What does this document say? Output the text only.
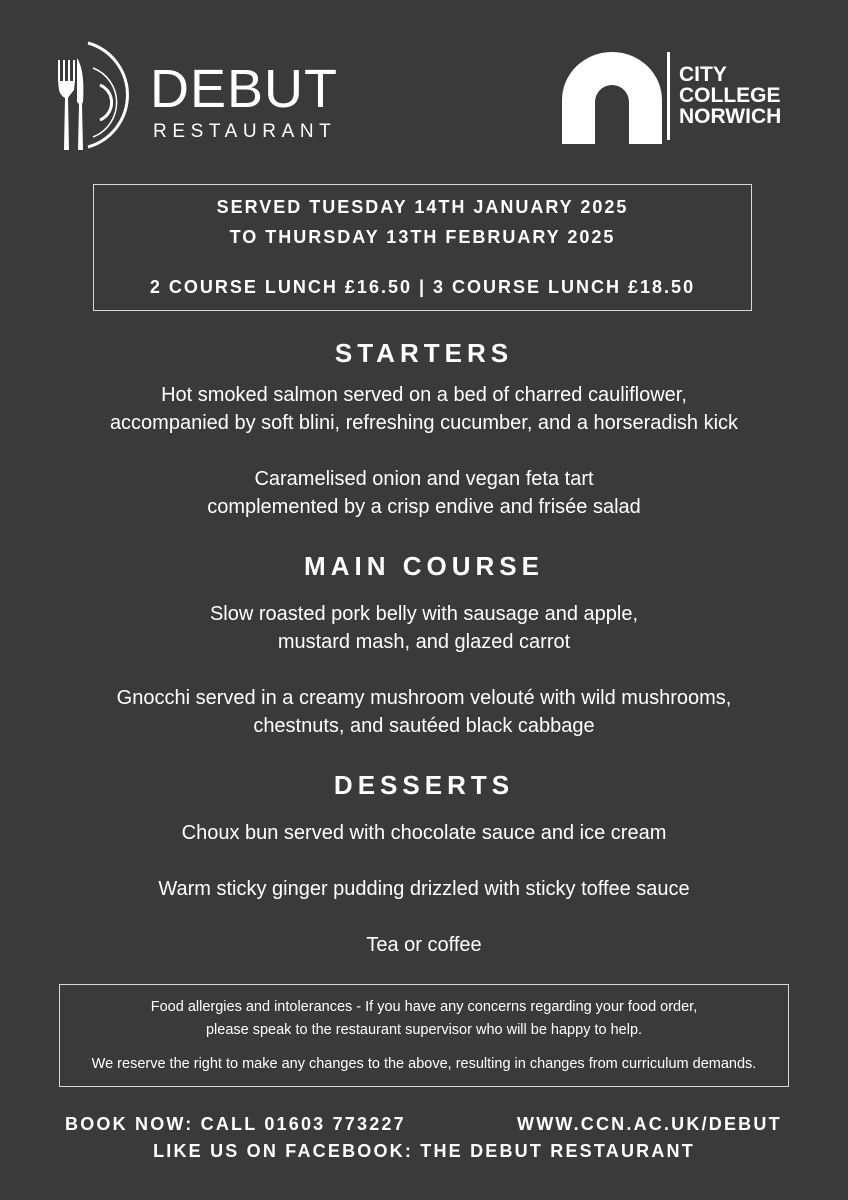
DEBUT
RESTAURANT
CITY
COLLEGE
NORWICH
SERVED TUESDAY 14TH JANUARY 2025
TO THURSDAY 13TH FEBRUARY 2025
2 COURSE LUNCH £16.50 | 3 COURSE LUNCH £18.50
STARTERS
Hot smoked salmon served on a bed of charred cauliflower,
accompanied by soft blini, refreshing cucumber, and a horseradish kick
Caramelised onion and vegan feta tart
complemented by a crisp endive and frisée salad
MAIN COURSE
Slow roasted pork belly with sausage and apple,
mustard mash, and glazed carrot
Gnocchi served in a creamy mushroom velouté with wild mushrooms,
chestnuts, and sautéed black cabbage
DESSERTS
Choux bun served with chocolate sauce and ice cream
Warm sticky ginger pudding drizzled with sticky toffee sauce
Tea or coffee
Food allergies and intolerances - If you have any concerns regarding your food order,
please speak to the restaurant supervisor who will be happy to help.
We reserve the right to make any changes to the above, resulting in changes from curriculum demands.
BOOK NOW: CALL 01603 773227	WWW.CCN.AC.UK/DEBUT
LIKE US ON FACEBOOK: THE DEBUT RESTAURANT
